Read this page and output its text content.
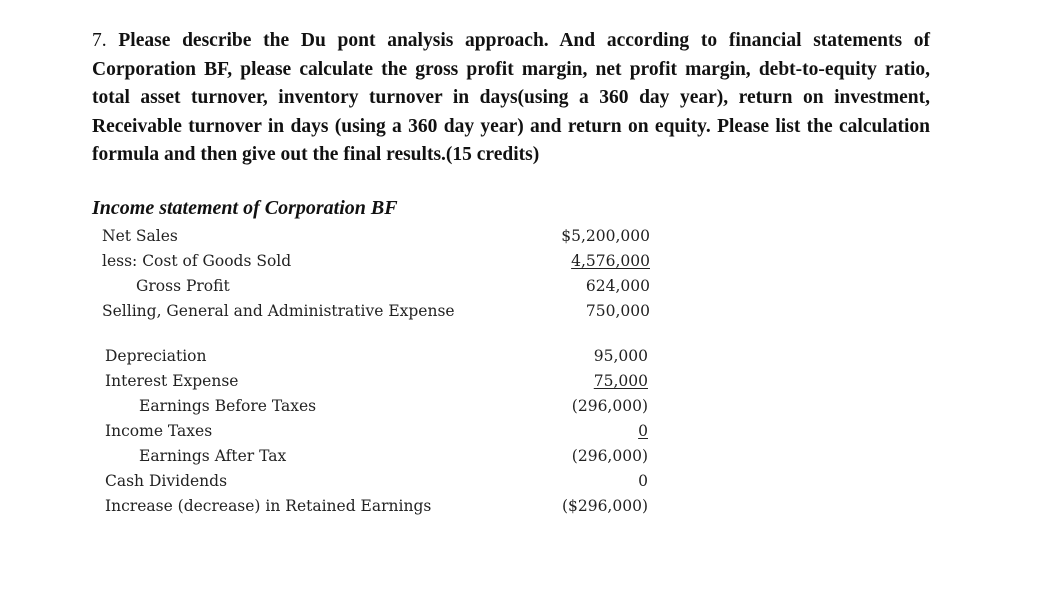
7. Please describe the Du pont analysis approach. And according to financial statements of Corporation BF, please calculate the gross profit margin, net profit margin, debt-to-equity ratio, total asset turnover, inventory turnover in days(using a 360 day year), return on investment, Receivable turnover in days (using a 360 day year) and return on equity. Please list the calculation formula and then give out the final results.(15 credits)

Income statement of Corporation BF
Net Sales	$5,200,000
less: Cost of Goods Sold	4,576,000
Gross Profit	624,000
Selling, General and Administrative Expense	750,000
Depreciation	95,000
Interest Expense	75,000
Earnings Before Taxes	(296,000)
Income Taxes	0
Earnings After Tax	(296,000)
Cash Dividends	0
Increase (decrease) in Retained Earnings	($296,000)
